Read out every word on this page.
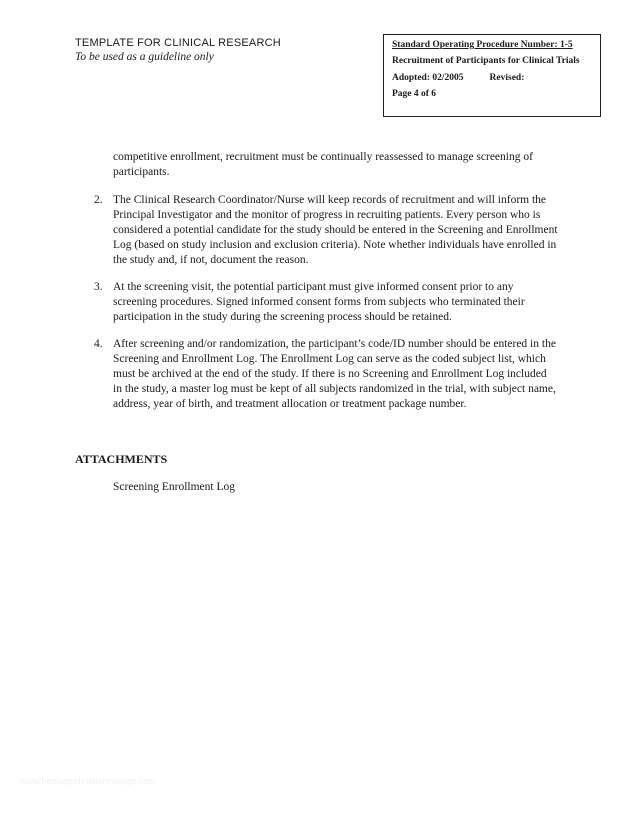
TEMPLATE FOR CLINICAL RESEARCH
To be used as a guideline only
Standard Operating Procedure Number: 1-5
Recruitment of Participants for Clinical Trials
Adopted: 02/2005	Revised:
Page 4 of 6
competitive enrollment, recruitment must be continually reassessed to manage screening of participants.
2. The Clinical Research Coordinator/Nurse will keep records of recruitment and will inform the Principal Investigator and the monitor of progress in recruiting patients. Every person who is considered a potential candidate for the study should be entered in the Screening and Enrollment Log (based on study inclusion and exclusion criteria). Note whether individuals have enrolled in the study and, if not, document the reason.
3. At the screening visit, the potential participant must give informed consent prior to any screening procedures. Signed informed consent forms from subjects who terminated their participation in the study during the screening process should be retained.
4. After screening and/or randomization, the participant’s code/ID number should be entered in the Screening and Enrollment Log. The Enrollment Log can serve as the coded subject list, which must be archived at the end of the study. If there is no Screening and Enrollment Log included in the study, a master log must be kept of all subjects randomized in the trial, with subject name, address, year of birth, and treatment allocation or treatment package number.
ATTACHMENTS
Screening Enrollment Log
www.heritagechristiancollege.com
